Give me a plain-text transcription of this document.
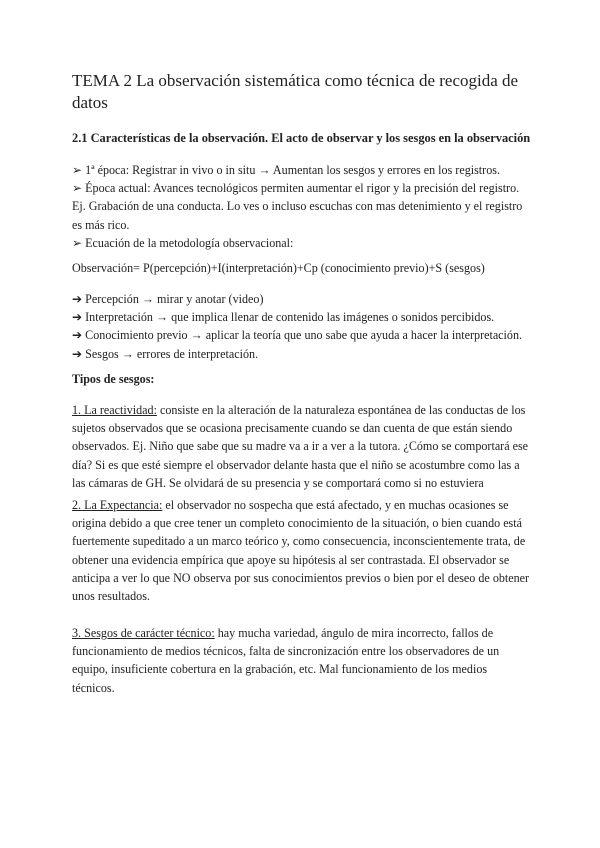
TEMA 2 La observación sistemática como técnica de recogida de datos
2.1 Características de la observación. El acto de observar y los sesgos en la observación
➢ 1ª época: Registrar in vivo o in situ → Aumentan los sesgos y errores en los registros.
➢ Época actual: Avances tecnológicos permiten aumentar el rigor y la precisión del registro.
Ej. Grabación de una conducta. Lo ves o incluso escuchas con mas detenimiento y el registro es más rico.
➢ Ecuación de la metodología observacional:

Observación= P(percepción)+I(interpretación)+Cp (conocimiento previo)+S (sesgos)

➔ Percepción → mirar y anotar (video)
➔ Interpretación → que implica llenar de contenido las imágenes o sonidos percibidos.
➔ Conocimiento previo → aplicar la teoría que uno sabe que ayuda a hacer la interpretación.
➔ Sesgos → errores de interpretación.

Tipos de sesgos:

1. La reactividad: consiste en la alteración de la naturaleza espontánea de las conductas de los sujetos observados que se ocasiona precisamente cuando se dan cuenta de que están siendo observados. Ej. Niño que sabe que su madre va a ir a ver a la tutora. ¿Cómo se comportará ese día? Si es que esté siempre el observador delante hasta que el niño se acostumbre como las a las cámaras de GH. Se olvidará de su presencia y se comportará como si no estuviera

2. La Expectancia: el observador no sospecha que está afectado, y en muchas ocasiones se origina debido a que cree tener un completo conocimiento de la situación, o bien cuando está fuertemente supeditado a un marco teórico y, como consecuencia, inconscientemente trata, de obtener una evidencia empírica que apoye su hipótesis al ser contrastada. El observador se anticipa a ver lo que NO observa por sus conocimientos previos o bien por el deseo de obtener unos resultados.

3. Sesgos de carácter técnico: hay mucha variedad, ángulo de mira incorrecto, fallos de funcionamiento de medios técnicos, falta de sincronización entre los observadores de un equipo, insuficiente cobertura en la grabación, etc. Mal funcionamiento de los medios técnicos.
